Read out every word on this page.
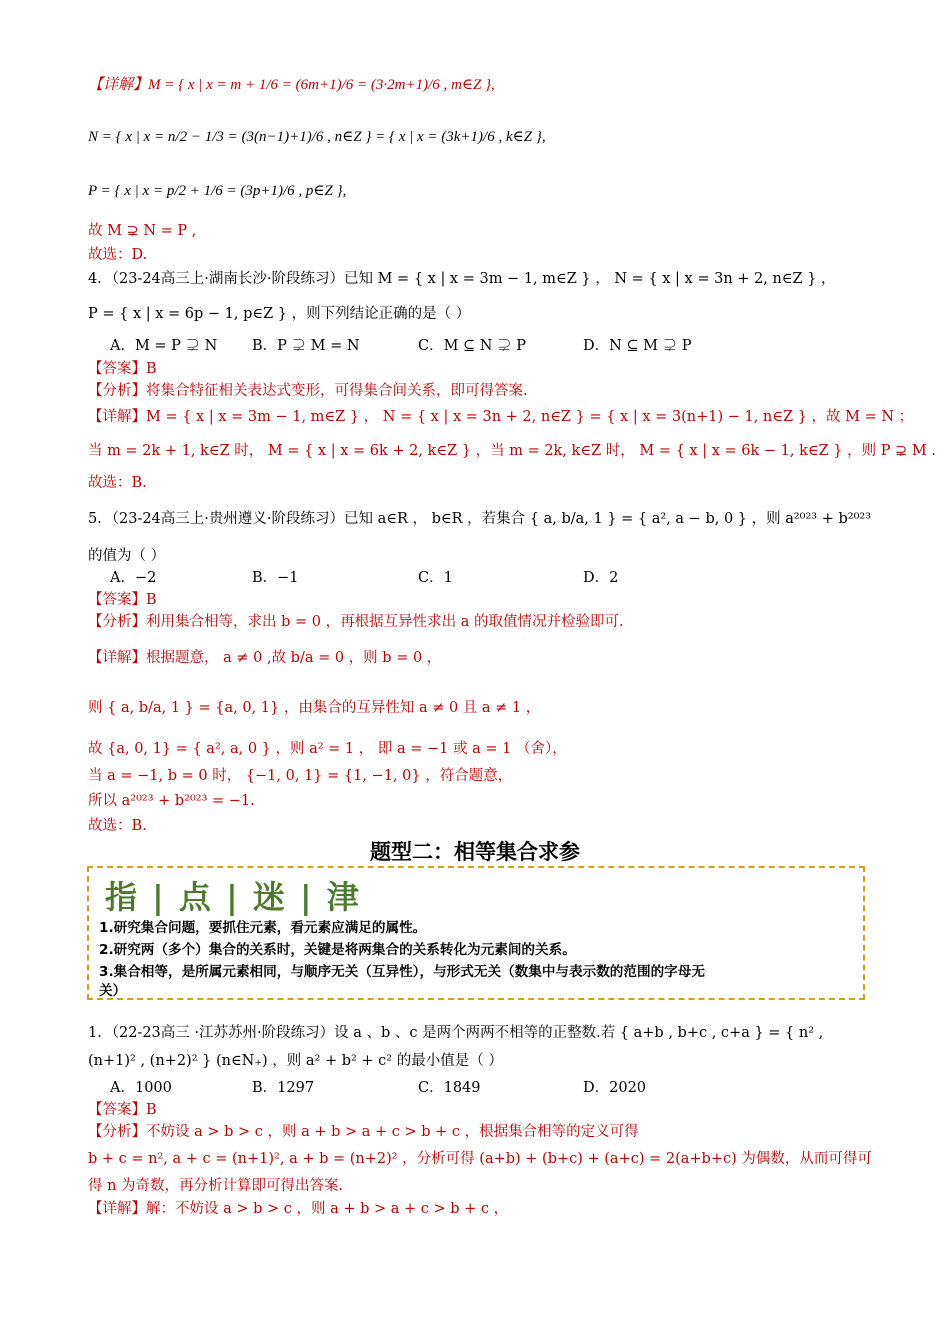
【详解】M = { x | x = m + 1/6 = (6m+1)/6 = (3·2m+1)/6 , m∈Z },
N = { x | x = n/2 − 1/3 = (3(n−1)+1)/6 , n∈Z } = { x | x = (3k+1)/6 , k∈Z },
P = { x | x = p/2 + 1/6 = (3p+1)/6 , p∈Z },
故 M ⊋ N = P ,
故选：D.
4．（23-24高三上·湖南长沙·阶段练习）已知 M = { x | x = 3m − 1, m∈Z } ， N = { x | x = 3n + 2, n∈Z } ，
P = { x | x = 6p − 1, p∈Z } ，则下列结论正确的是（ ）
A．M = P ⊋ N B．P ⊋ M = N	C．M ⊆ N ⊋ P	D．N ⊆ M ⊋ P
【答案】B
【分析】将集合特征相关表达式变形，可得集合间关系，即可得答案.
【详解】M = { x | x = 3m − 1, m∈Z } ， N = { x | x = 3n + 2, n∈Z } = { x | x = 3(n+1) − 1, n∈Z } ，故 M = N ；
当 m = 2k + 1, k∈Z 时， M = { x | x = 6k + 2, k∈Z } ，当 m = 2k, k∈Z 时， M = { x | x = 6k − 1, k∈Z } ，则 P ⊋ M .
故选：B.
5．（23-24高三上·贵州遵义·阶段练习）已知 a∈R ， b∈R ，若集合 { a, b/a, 1 } = { a², a − b, 0 } ，则 a²⁰²³ + b²⁰²³
的值为（ ）
A．−2	B．−1	C．1	D．2
【答案】B
【分析】利用集合相等，求出 b = 0 ，再根据互异性求出 a 的取值情况并检验即可.
【详解】根据题意， a ≠ 0 ,故 b/a = 0 ，则 b = 0 ，
则 { a, b/a, 1 } = {a, 0, 1} ，由集合的互异性知 a ≠ 0 且 a ≠ 1 ，
故 {a, 0, 1} = { a², a, 0 } ，则 a² = 1 ， 即 a = −1 或 a = 1 （舍），
当 a = −1, b = 0 时， {−1, 0, 1} = {1, −1, 0} ，符合题意，
所以 a²⁰²³ + b²⁰²³ = −1.
故选：B.
题型二：相等集合求参
指 | 点 | 迷 | 津
1.研究集合问题，要抓住元素，看元素应满足的属性。
2.研究两（多个）集合的关系时，关键是将两集合的关系转化为元素间的关系。
3.集合相等，是所属元素相同，与顺序无关（互异性），与形式无关（数集中与表示数的范围的字母无
关）
1．（22-23高三 ·江苏苏州·阶段练习）设 a 、b 、c 是两个两两不相等的正整数.若 { a+b , b+c , c+a } = { n² ,
(n+1)² , (n+2)² } (n∈N₊) ，则 a² + b² + c² 的最小值是（ ）
A．1000	B．1297	C．1849	D．2020
【答案】B
【分析】不妨设 a > b > c ，则 a + b > a + c > b + c ，根据集合相等的定义可得
b + c = n², a + c = (n+1)², a + b = (n+2)² ，分析可得 (a+b) + (b+c) + (a+c) = 2(a+b+c) 为偶数，从而可得可
得 n 为奇数，再分析计算即可得出答案.
【详解】解：不妨设 a > b > c ，则 a + b > a + c > b + c ，
